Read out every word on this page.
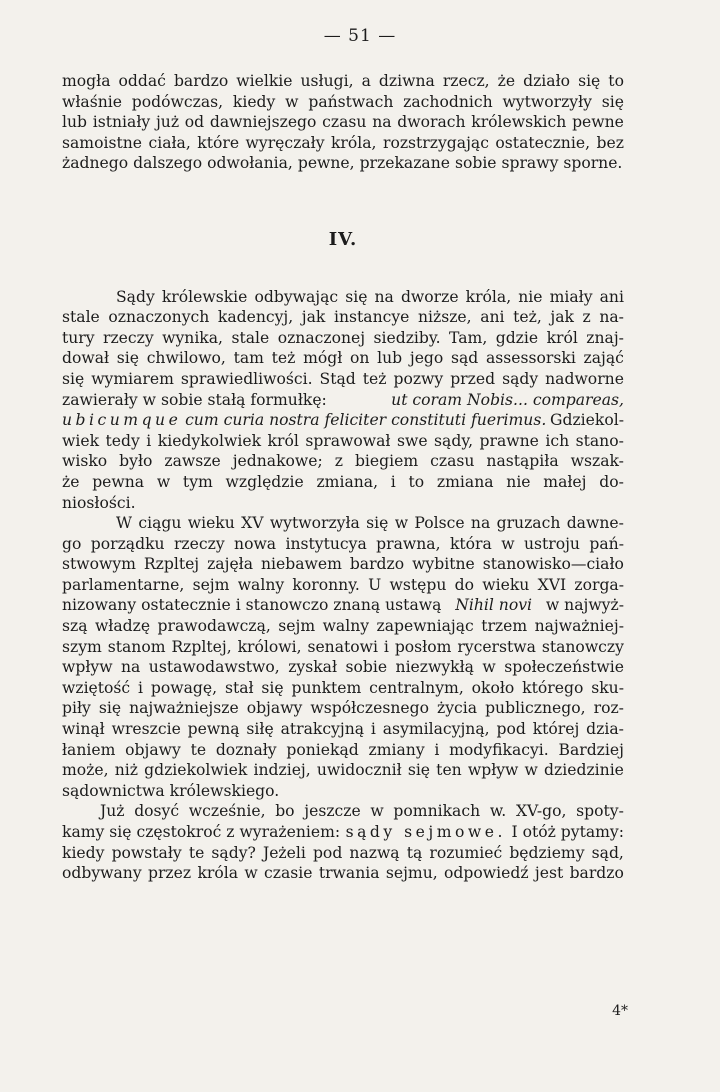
— 51 —
mogła oddać bardzo wielkie usługi, a dziwna rzecz, że działo się to
właśnie podówczas, kiedy w państwach zachodnich wytworzyły się
lub istniały już od dawniejszego czasu na dworach królewskich pewne
samoistne ciała, które wyręczały króla, rozstrzygając ostatecznie, bez
żadnego dalszego odwołania, pewne, przekazane sobie sprawy sporne.
IV.
Sądy królewskie odbywając się na dworze króla, nie miały ani
stale oznaczonych kadencyj, jak instancye niższe, ani też, jak z na-
tury rzeczy wynika, stale oznaczonej siedziby. Tam, gdzie król znaj-
dował się chwilowo, tam też mógł on lub jego sąd assessorski zająć
się wymiarem sprawiedliwości. Stąd też pozwy przed sądy nadworne
zawierały w sobie stałą formułkę:	ut coram Nobis... compareas,
ubicumque cum curia nostra feliciter constituti fuerimus. Gdziekol-
wiek tedy i kiedykolwiek król sprawował swe sądy, prawne ich stano-
wisko było zawsze jednakowe; z biegiem czasu nastąpiła wszak-
że pewna w tym względzie zmiana, i to zmiana nie małej do-
niosłości.
W ciągu wieku XV wytworzyła się w Polsce na gruzach dawne-
go porządku rzeczy nowa instytucya prawna, która w ustroju pań-
stwowym Rzpltej zajęła niebawem bardzo wybitne stanowisko—ciało
parlamentarne, sejm walny koronny. U wstępu do wieku XVI zorga-
nizowany ostatecznie i stanowczo znaną ustawą Nihil novi w najwyż-
szą władzę prawodawczą, sejm walny zapewniając trzem najważniej-
szym stanom Rzpltej, królowi, senatowi i posłom rycerstwa stanowczy
wpływ na ustawodawstwo, zyskał sobie niezwykłą w społeczeństwie
wziętość i powagę, stał się punktem centralnym, około którego sku-
piły się najważniejsze objawy współczesnego życia publicznego, roz-
winął wreszcie pewną siłę atrakcyjną i asymilacyjną, pod której dzia-
łaniem objawy te doznały poniekąd zmiany i modyfikacyi. Bardziej
może, niż gdziekolwiek indziej, uwidocznił się ten wpływ w dziedzinie
sądownictwa królewskiego.
Już dosyć wcześnie, bo jeszcze w pomnikach w. XV-go, spoty-
kamy się częstokroć z wyrażeniem: sądy sejmowe. I otóż pytamy:
kiedy powstały te sądy? Jeżeli pod nazwą tą rozumieć będziemy sąd,
odbywany przez króla w czasie trwania sejmu, odpowiedź jest bardzo
4*
